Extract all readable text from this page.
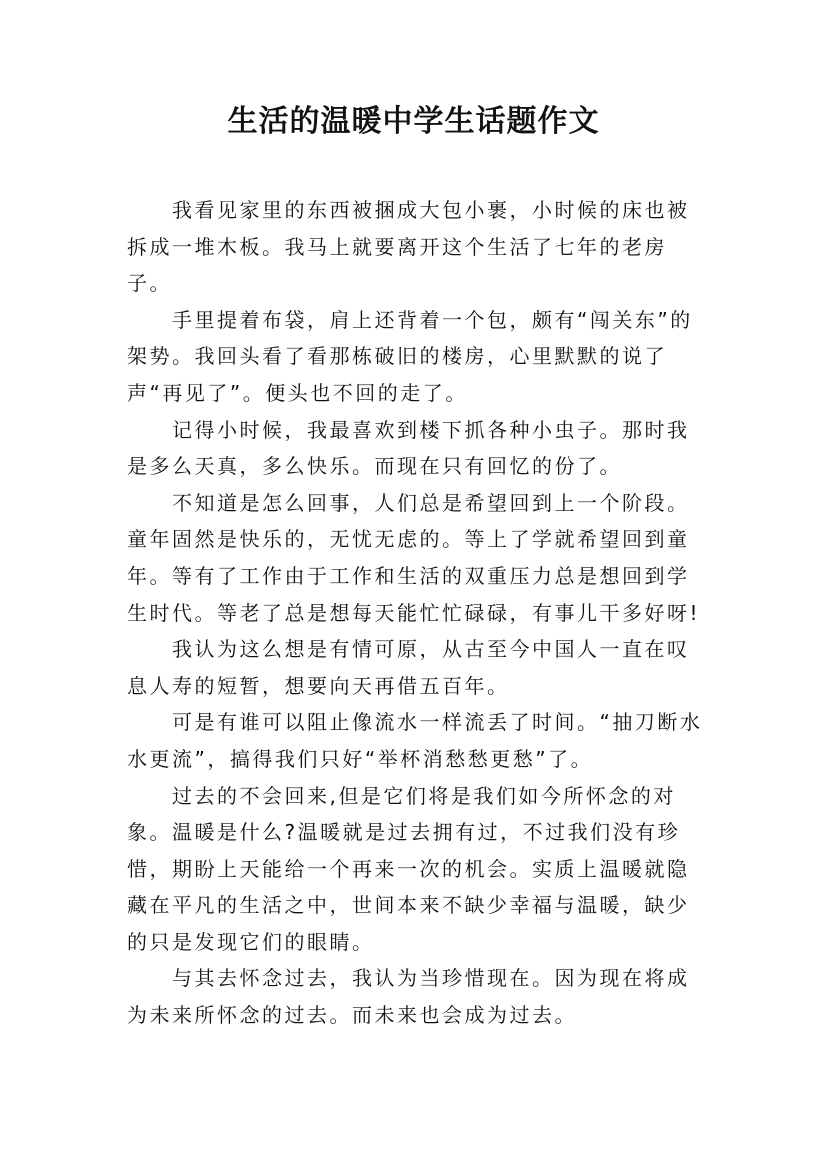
生活的温暖中学生话题作文

我看见家里的东西被捆成大包小裹，小时候的床也被拆成一堆木板。我马上就要离开这个生活了七年的老房子。

手里提着布袋，肩上还背着一个包，颇有“闯关东”的架势。我回头看了看那栋破旧的楼房，心里默默的说了声“再见了”。便头也不回的走了。

记得小时候，我最喜欢到楼下抓各种小虫子。那时我是多么天真，多么快乐。而现在只有回忆的份了。

不知道是怎么回事，人们总是希望回到上一个阶段。童年固然是快乐的，无忧无虑的。等上了学就希望回到童年。等有了工作由于工作和生活的双重压力总是想回到学生时代。等老了总是想每天能忙忙碌碌，有事儿干多好呀!

我认为这么想是有情可原，从古至今中国人一直在叹息人寿的短暂，想要向天再借五百年。

可是有谁可以阻止像流水一样流丢了时间。“抽刀断水水更流”，搞得我们只好“举杯消愁愁更愁”了。

过去的不会回来,但是它们将是我们如今所怀念的对象。温暖是什么?温暖就是过去拥有过，不过我们没有珍惜，期盼上天能给一个再来一次的机会。实质上温暖就隐藏在平凡的生活之中，世间本来不缺少幸福与温暖，缺少的只是发现它们的眼睛。

与其去怀念过去，我认为当珍惜现在。因为现在将成为未来所怀念的过去。而未来也会成为过去。
